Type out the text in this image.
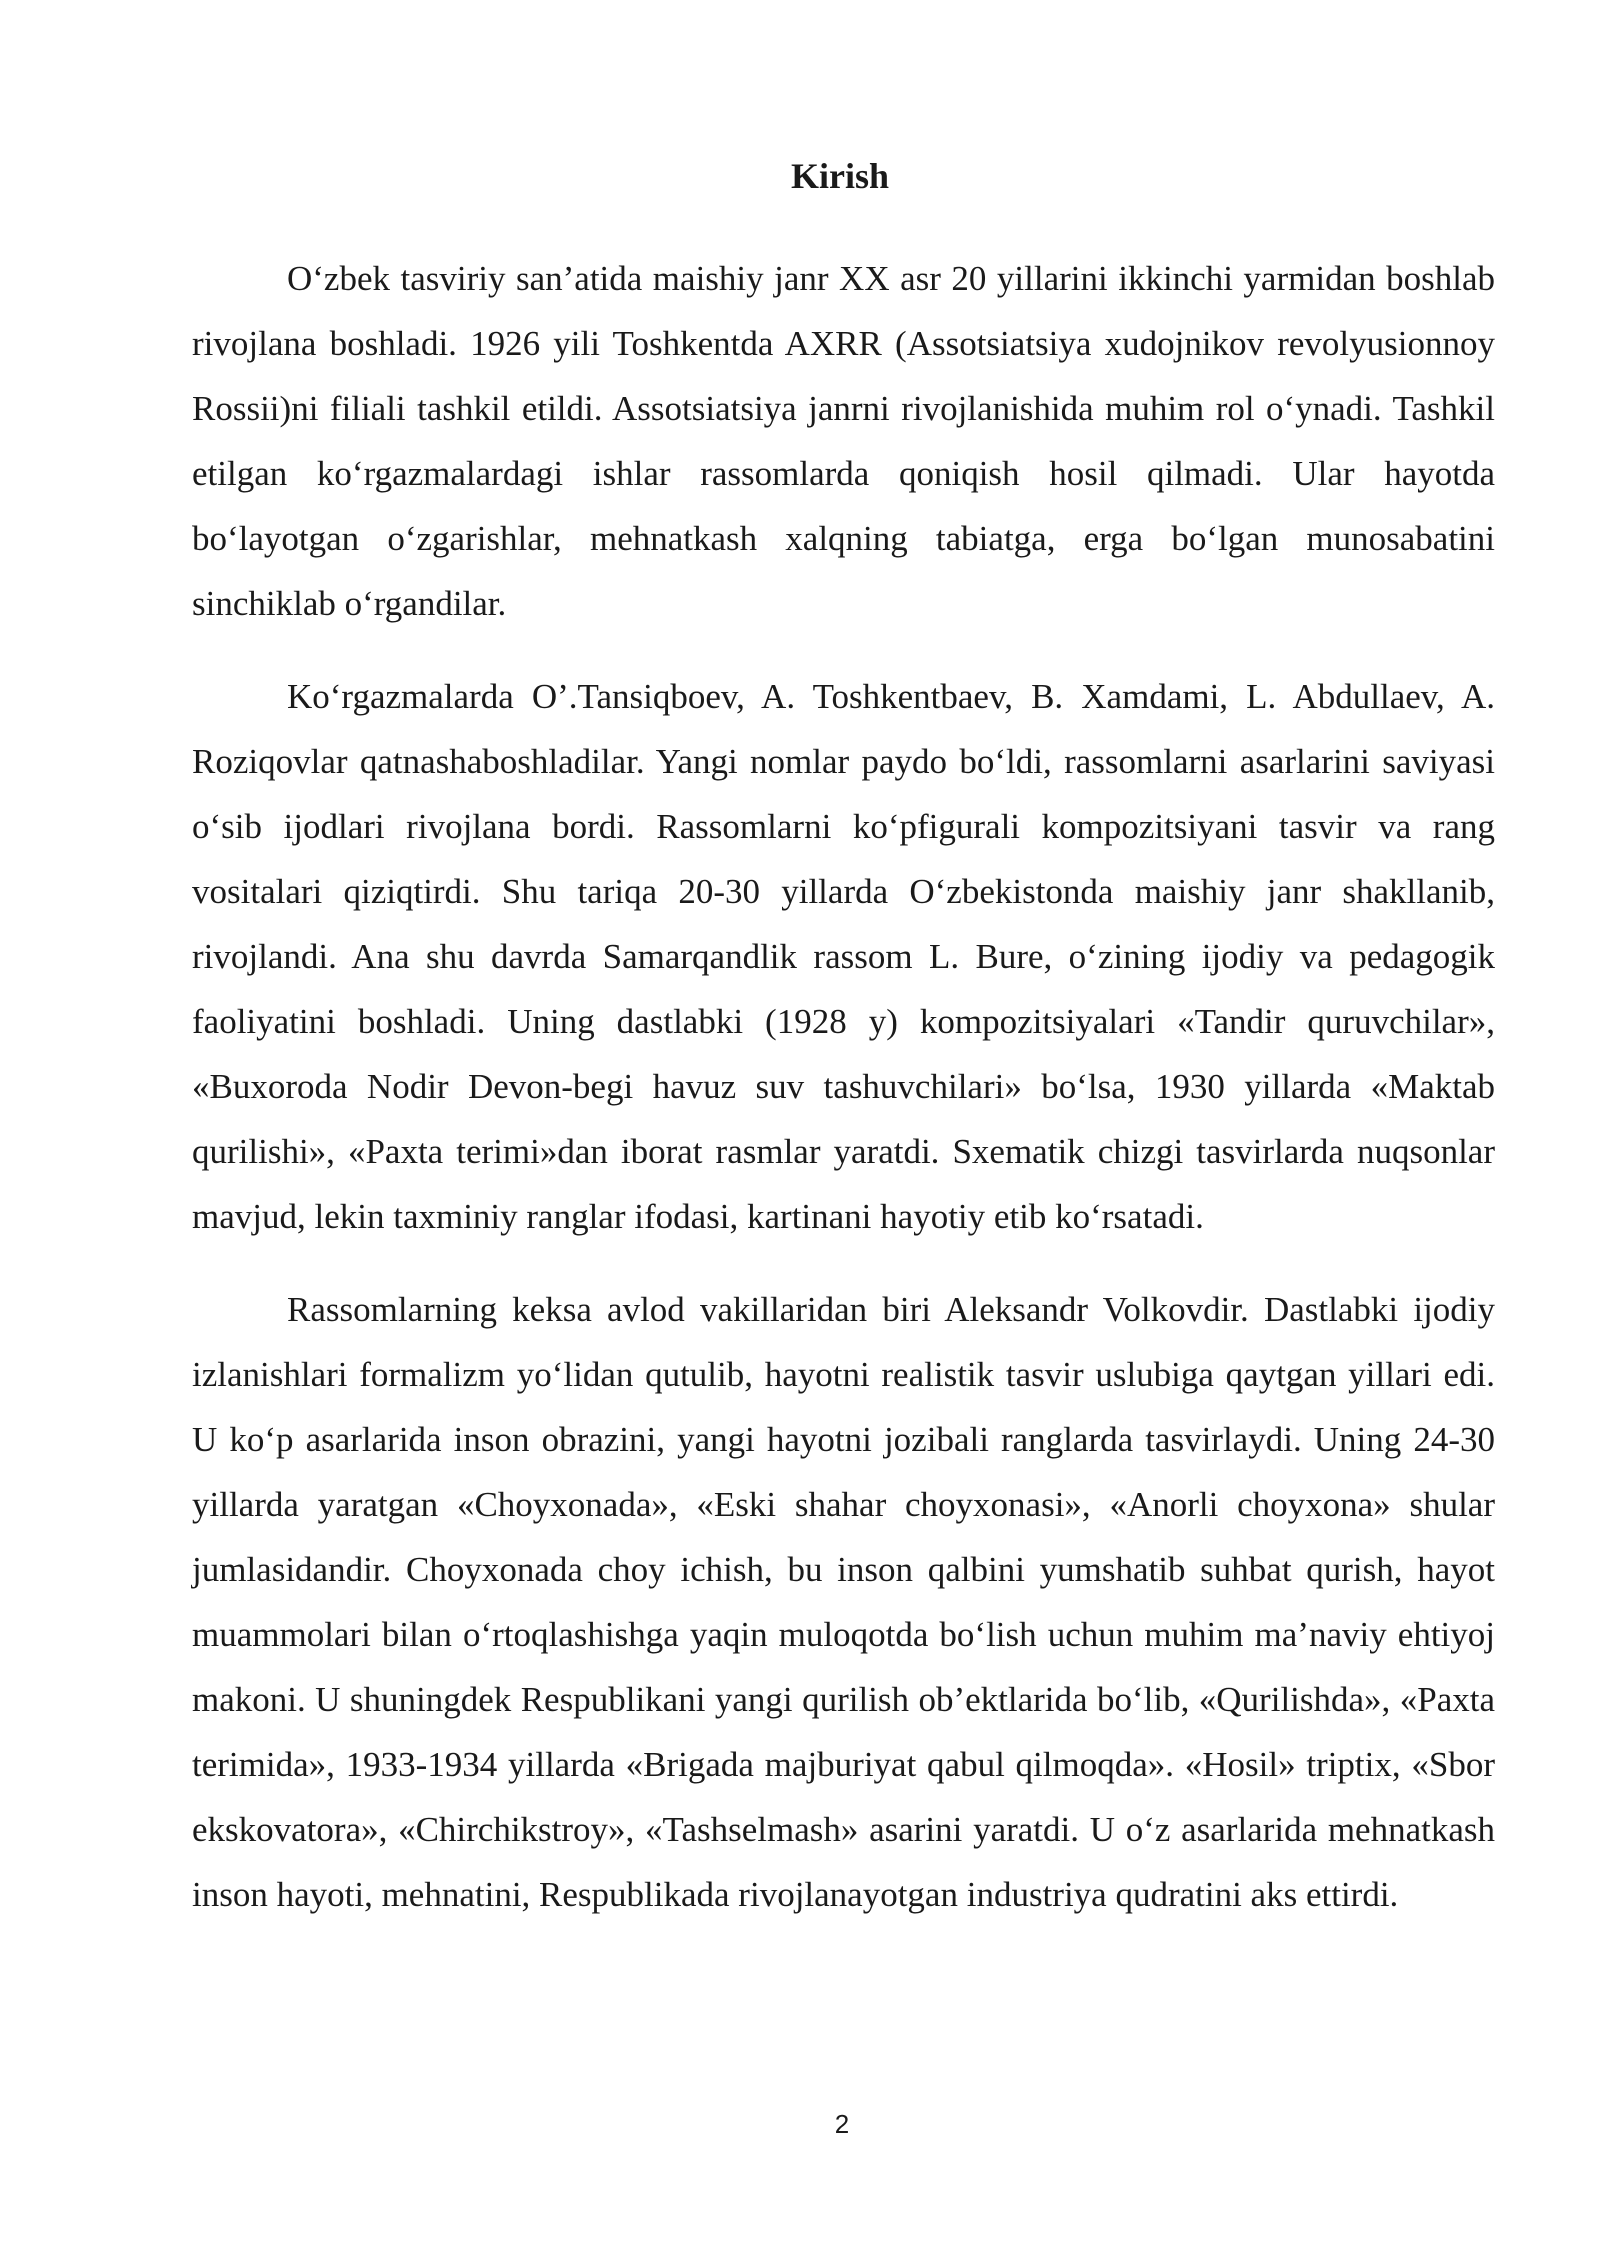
Kirish

O‘zbek tasviriy san’atida maishiy janr XX asr 20 yillarini ikkinchi yarmidan boshlab rivojlana boshladi. 1926 yili Toshkentda AXRR (Assotsiatsiya xudojnikov revolyusionnoy Rossii)ni filiali tashkil etildi. Assotsiatsiya janrni rivojlanishida muhim rol o‘ynadi. Tashkil etilgan ko‘rgazmalardagi ishlar rassomlarda qoniqish hosil qilmadi. Ular hayotda bo‘layotgan o‘zgarishlar, mehnatkash xalqning tabiatga, erga bo‘lgan munosabatini sinchiklab o‘rgandilar.

Ko‘rgazmalarda O’.Tansiqboev, A. Toshkentbaev, B. Xamdami, L. Abdullaev, A. Roziqovlar qatnashaboshladilar. Yangi nomlar paydo bo‘ldi, rassomlarni asarlarini saviyasi o‘sib ijodlari rivojlana bordi. Rassomlarni ko‘pfigurali kompozitsiyani tasvir va rang vositalari qiziqtirdi. Shu tariqa 20-30 yillarda O‘zbekistonda maishiy janr shakllanib, rivojlandi. Ana shu davrda Samarqandlik rassom L. Bure, o‘zining ijodiy va pedagogik faoliyatini boshladi. Uning dastlabki (1928 y) kompozitsiyalari «Tandir quruvchilar», «Buxoroda Nodir Devon-begi havuz suv tashuvchilari» bo‘lsa, 1930 yillarda «Maktab qurilishi», «Paxta terimi»dan iborat rasmlar yaratdi. Sxematik chizgi tasvirlarda nuqsonlar mavjud, lekin taxminiy ranglar ifodasi, kartinani hayotiy etib ko‘rsatadi.

Rassomlarning keksa avlod vakillaridan biri Aleksandr Volkovdir. Dastlabki ijodiy izlanishlari formalizm yo‘lidan qutulib, hayotni realistik tasvir uslubiga qaytgan yillari edi. U ko‘p asarlarida inson obrazini, yangi hayotni jozibali ranglarda tasvirlaydi. Uning 24-30 yillarda yaratgan «Choyxonada», «Eski shahar choyxonasi», «Anorli choyxona» shular jumlasidandir. Choyxonada choy ichish, bu inson qalbini yumshatib suhbat qurish, hayot muammolari bilan o‘rtoqlashishga yaqin muloqotda bo‘lish uchun muhim ma’naviy ehtiyoj makoni. U shuningdek Respublikani yangi qurilish ob’ektlarida bo‘lib, «Qurilishda», «Paxta terimida», 1933-1934 yillarda «Brigada majburiyat qabul qilmoqda». «Hosil» triptix, «Sbor ekskovatora», «Chirchikstroy», «Tashselmash» asarini yaratdi. U o‘z asarlarida mehnatkash inson hayoti, mehnatini, Respublikada rivojlanayotgan industriya qudratini aks ettirdi.

2
